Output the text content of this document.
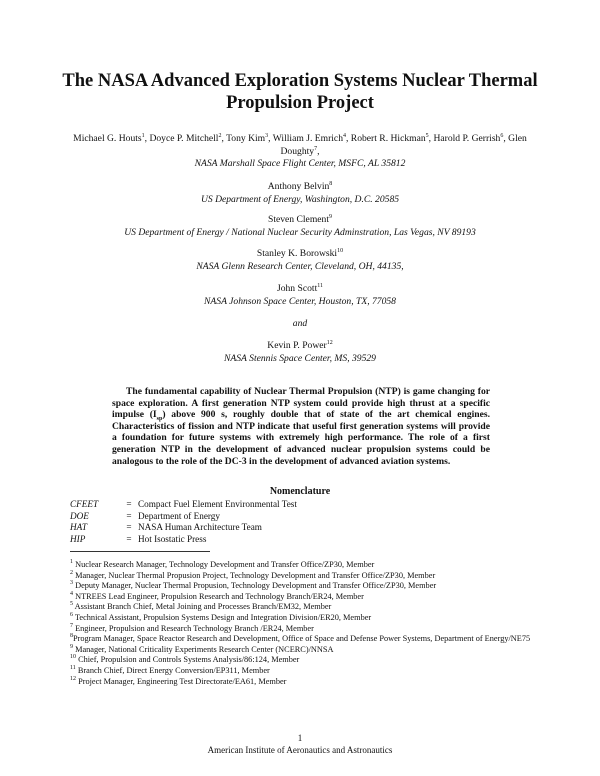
The NASA Advanced Exploration Systems Nuclear Thermal Propulsion Project
Michael G. Houts$^1$, Doyce P. Mitchell$^2$, Tony Kim$^3$, William J. Emrich$^4$, Robert R. Hickman$^5$, Harold P. Gerrish$^6$, Glen Doughty$^7$,
NASA Marshall Space Flight Center, MSFC, AL 35812
Anthony Belvin$^8$
US Department of Energy, Washington, D.C. 20585
Steven Clement$^9$
US Department of Energy / National Nuclear Security Adminstration, Las Vegas, NV 89193
Stanley K. Borowski$^{10}$
NASA Glenn Research Center, Cleveland, OH, 44135,
John Scott$^{11}$
NASA Johnson Space Center, Houston, TX, 77058
and
Kevin P. Power$^{12}$
NASA Stennis Space Center, MS, 39529
The fundamental capability of Nuclear Thermal Propulsion (NTP) is game changing for space exploration. A first generation NTP system could provide high thrust at a specific impulse $(I_{sp})$ above 900 s, roughly double that of state of the art chemical engines. Characteristics of fission and NTP indicate that useful first generation systems will provide a foundation for future systems with extremely high performance. The role of a first generation NTP in the development of advanced nuclear propulsion systems could be analogous to the role of the DC-3 in the development of advanced aviation systems.
Nomenclature
CFEET	= Compact Fuel Element Environmental Test
DOE	= Department of Energy
HAT	= NASA Human Architecture Team
HIP	= Hot Isostatic Press

$^1$ Nuclear Research Manager, Technology Development and Transfer Office/ZP30, Member

$^2$ Manager, Nuclear Thermal Propusion Project, Technology Development and Transfer Office/ZP30, Member

$^3$ Deputy Manager, Nuclear Thermal Propusion, Technology Development and Transfer Office/ZP30, Member

$^4$ NTREES Lead Engineer, Propulsion Research and Technology Branch/ER24, Member

$^5$ Assistant Branch Chief, Metal Joining and Processes Branch/EM32, Member

$^6$ Technical Assistant, Propulsion Systems Design and Integration Division/ER20, Member

$^7$ Engineer, Propulsion and Research Technology Branch /ER24, Member

$^8$Program Manager, Space Reactor Research and Development, Office of Space and Defense Power Systems, Department of Energy/NE75

$^9$ Manager, National Criticality Experiments Research Center (NCERC)/NNSA

$^{10}$ Chief, Propulsion and Controls Systems Analysis/86:124, Member

$^{11}$ Branch Chief, Direct Energy Conversion/EP311, Member

$^{12}$ Project Manager, Engineering Test Directorate/EA61, Member

1
American Institute of Aeronautics and Astronautics
